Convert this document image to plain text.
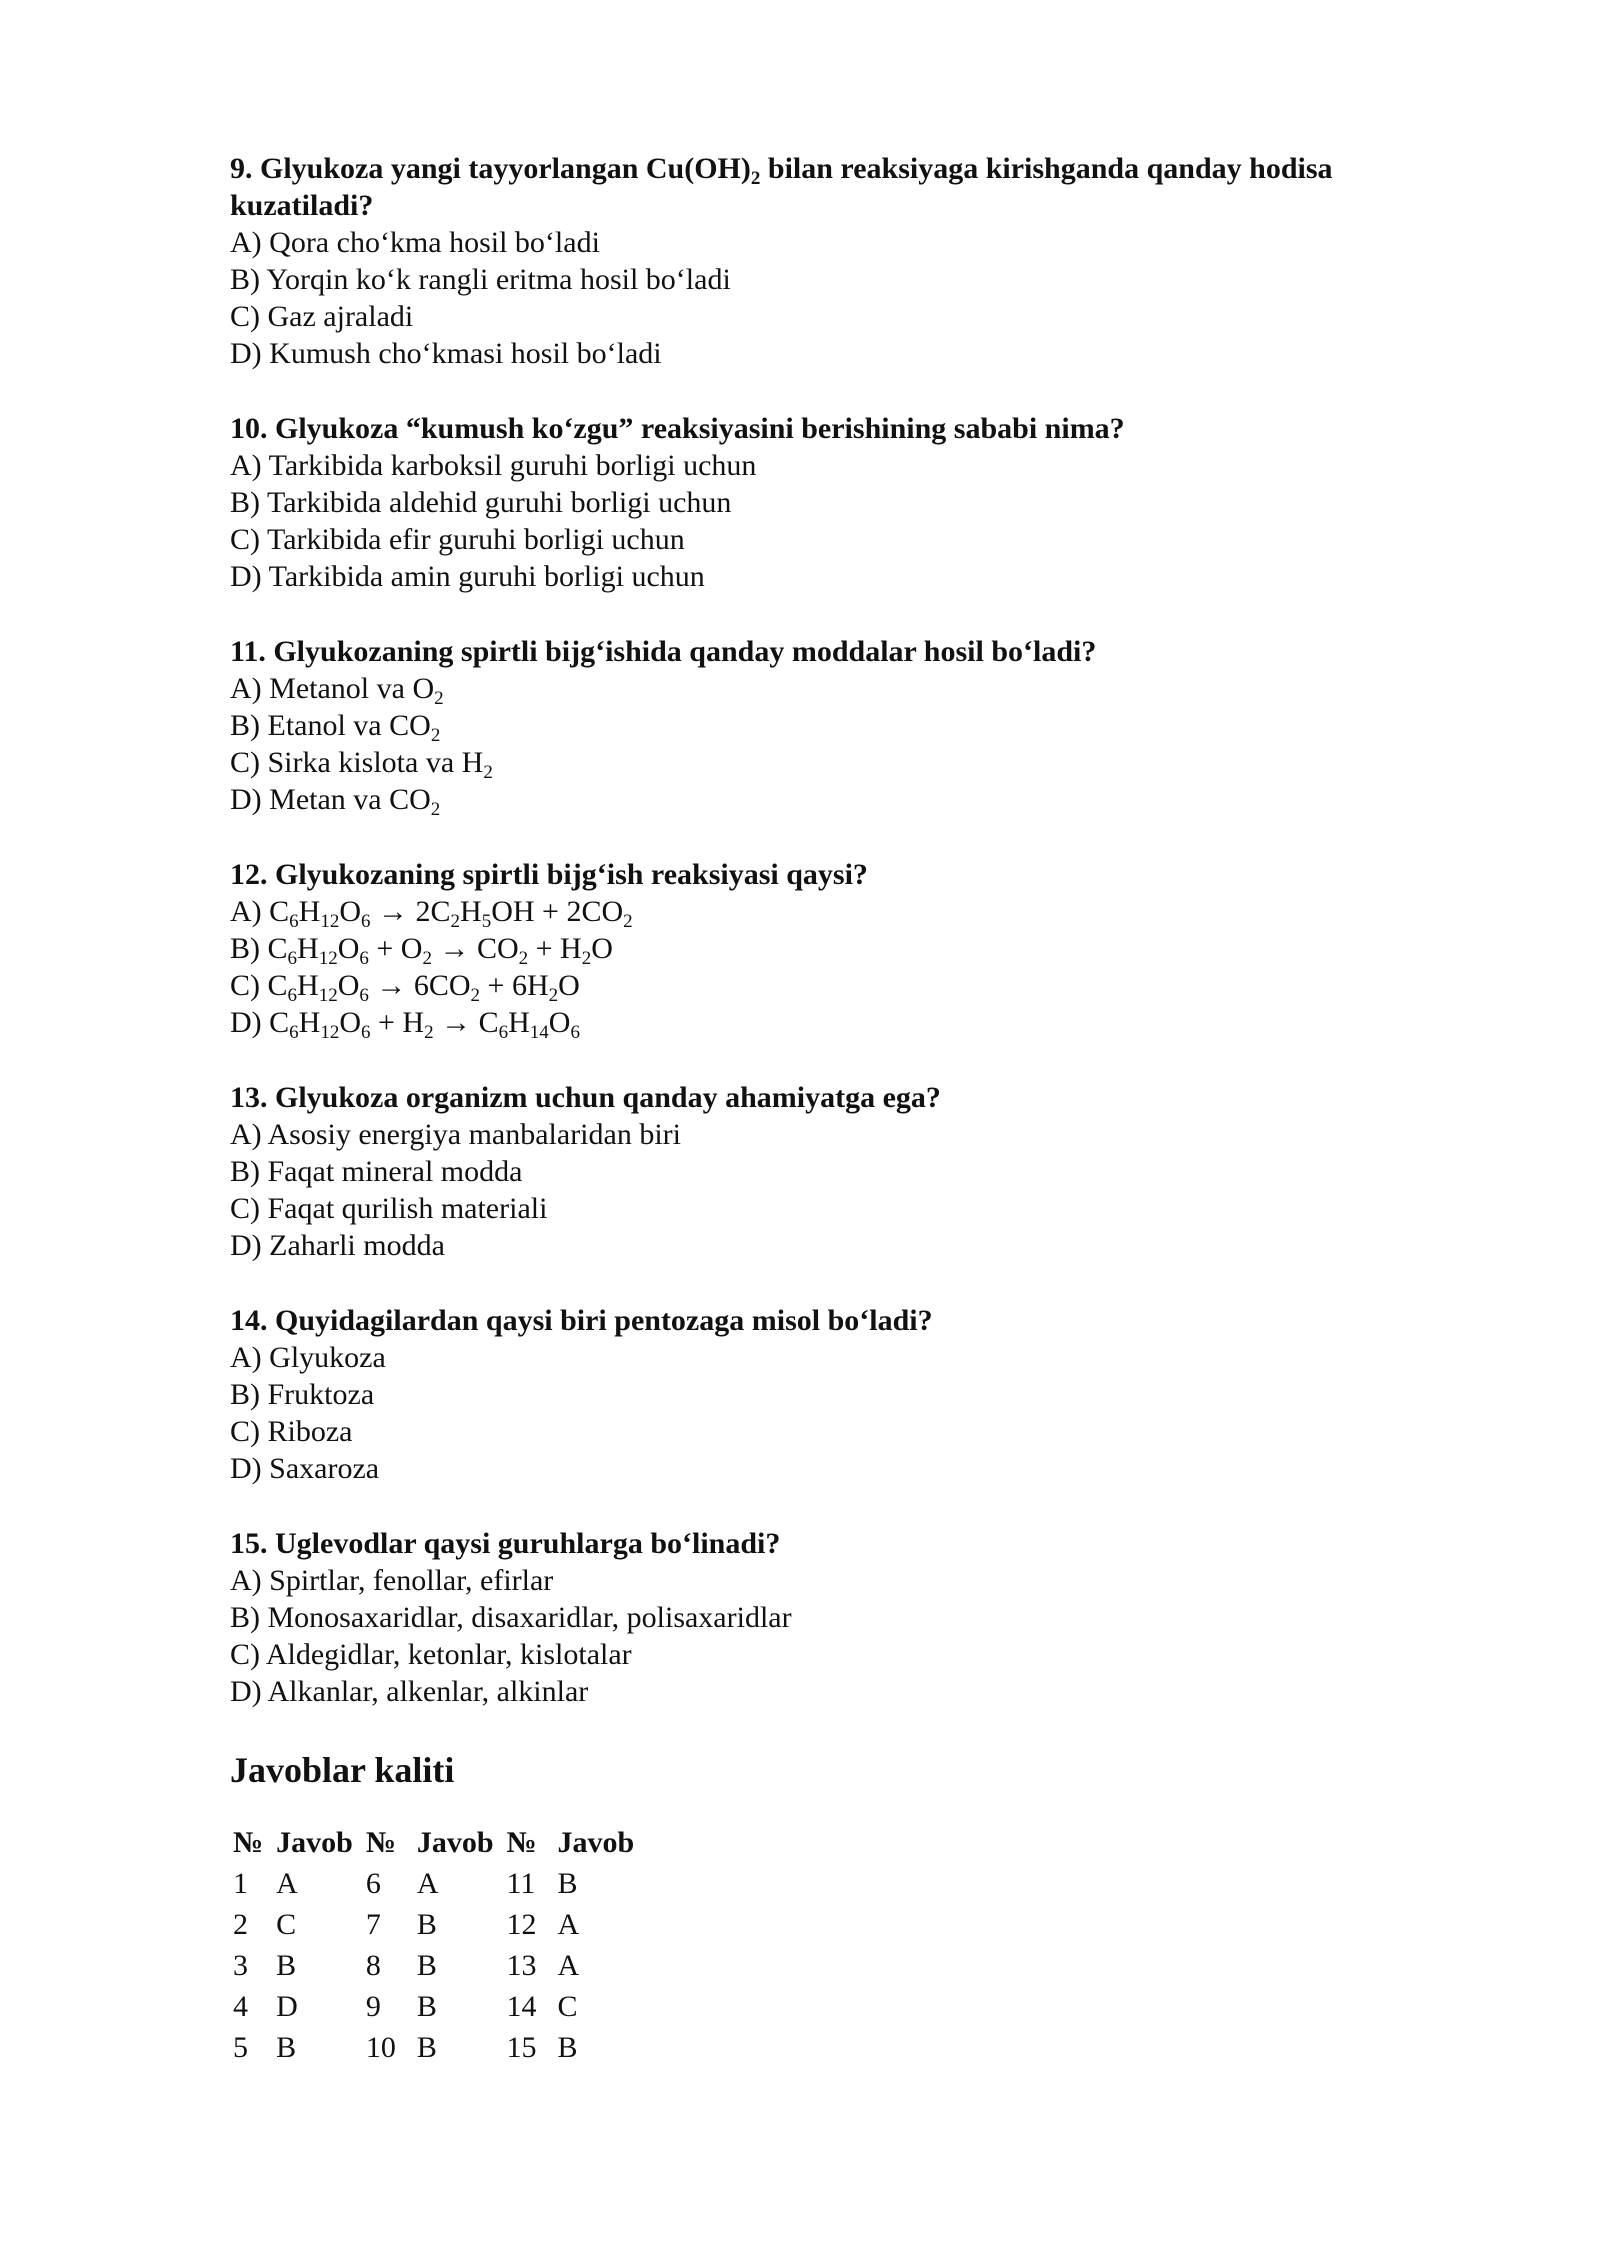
9. Glyukoza yangi tayyorlangan $Cu(OH)_2$ bilan reaksiyaga kirishganda qanday hodisa kuzatiladi?

A) Qora cho‘kma hosil bo‘ladi

B) Yorqin ko‘k rangli eritma hosil bo‘ladi

C) Gaz ajraladi

D) Kumush cho‘kmasi hosil bo‘ladi

10. Glyukoza “kumush ko‘zgu” reaksiyasini berishining sababi nima?

A) Tarkibida karboksil guruhi borligi uchun

B) Tarkibida aldehid guruhi borligi uchun

C) Tarkibida efir guruhi borligi uchun

D) Tarkibida amin guruhi borligi uchun

11. Glyukozaning spirtli bijg‘ishida qanday moddalar hosil bo‘ladi?

A) Metanol va $O_2$

B) Etanol va $CO_2$

C) Sirka kislota va $H_2$

D) Metan va $CO_2$

12. Glyukozaning spirtli bijg‘ish reaksiyasi qaysi?

A) $C_6H_{12}O_6 \to 2C_2H_5OH + 2CO_2$

B) $C_6H_{12}O_6 + O_2 \to CO_2 + H_2O$

C) $C_6H_{12}O_6 \to 6CO_2 + 6H_2O$

D) $C_6H_{12}O_6 + H_2 \to C_6H_{14}O_6$

13. Glyukoza organizm uchun qanday ahamiyatga ega?

A) Asosiy energiya manbalaridan biri

B) Faqat mineral modda

C) Faqat qurilish materiali

D) Zaharli modda

14. Quyidagilardan qaysi biri pentozaga misol bo‘ladi?

A) Glyukoza

B) Fruktoza

C) Riboza

D) Saxaroza

15. Uglevodlar qaysi guruhlarga bo‘linadi?

A) Spirtlar, fenollar, efirlar

B) Monosaxaridlar, disaxaridlar, polisaxaridlar

C) Aldegidlar, ketonlar, kislotalar

D) Alkanlar, alkenlar, alkinlar

Javoblar kaliti
№	Javob	№	Javob	№	Javob
1	A	6	A	11	B
2	C	7	B	12	A
3	B	8	B	13	A
4	D	9	B	14	C
5	B	10	B	15	B
